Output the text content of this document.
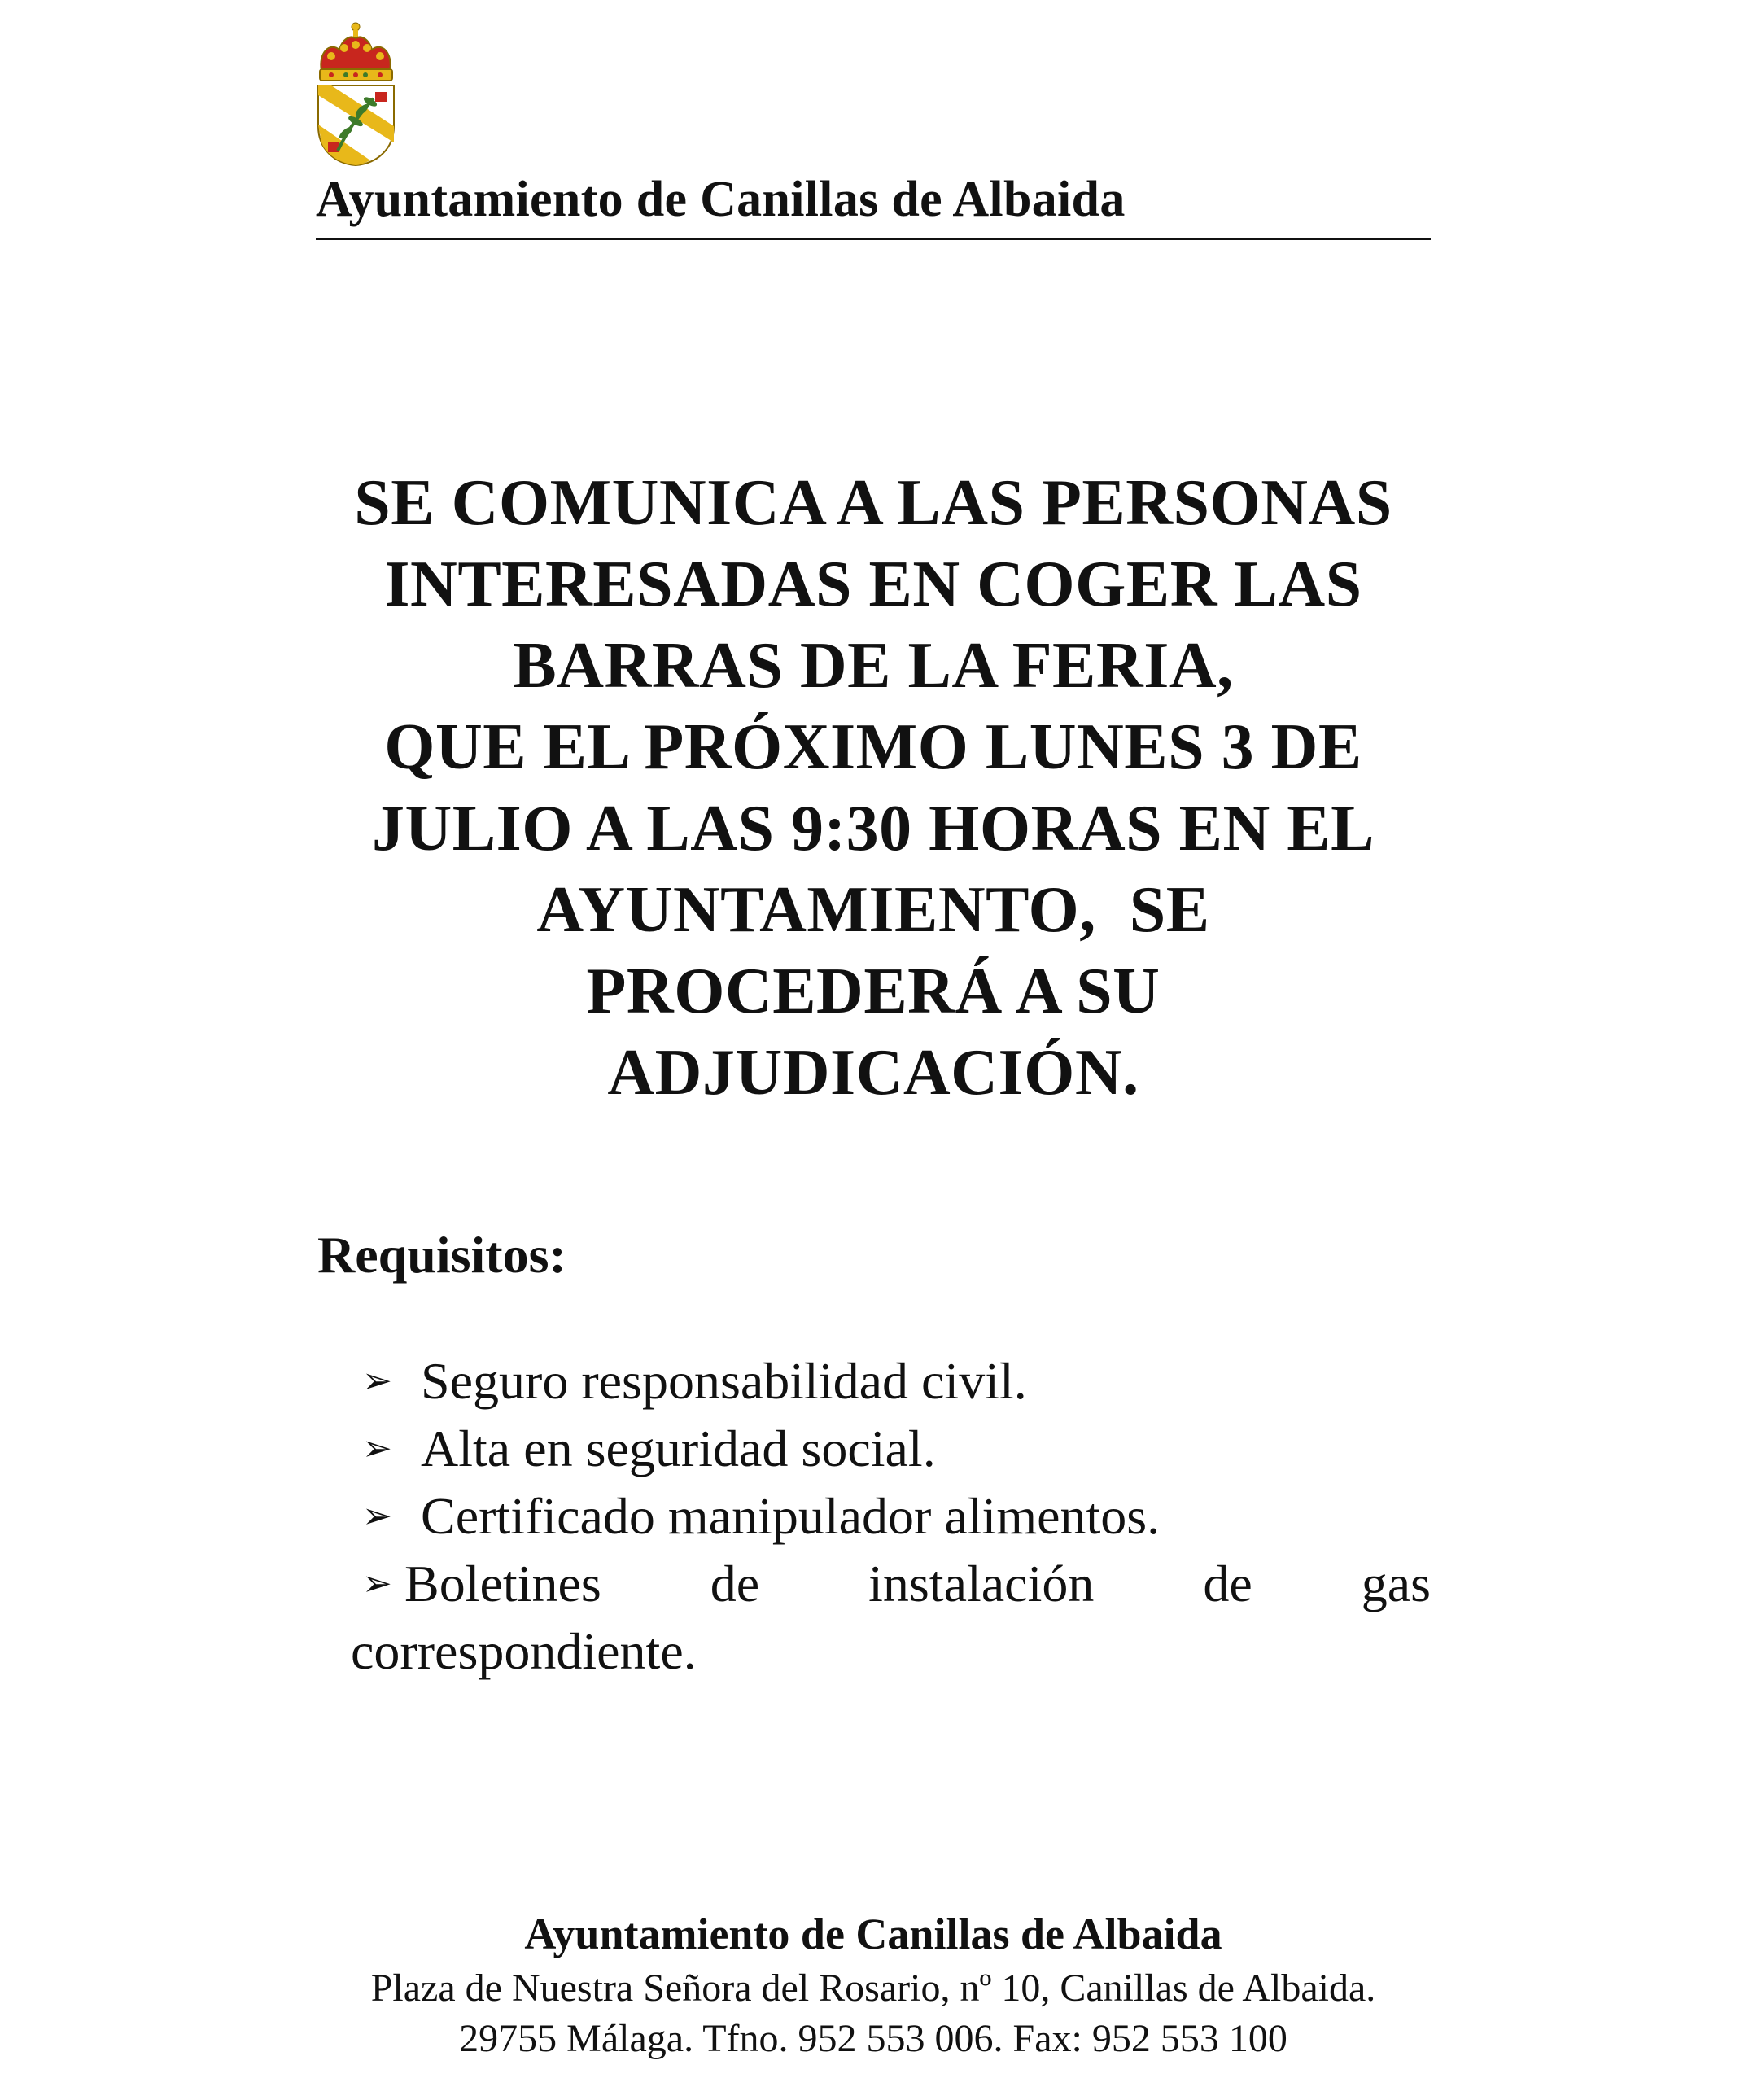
Ayuntamiento de Canillas de Albaida
SE COMUNICA A LAS PERSONAS
INTERESADAS EN COGER LAS
BARRAS DE LA FERIA,
QUE EL PRÓXIMO LUNES 3 DE
JULIO A LAS 9:30 HORAS EN EL
AYUNTAMIENTO,  SE
PROCEDERÁ A SU
ADJUDICACIÓN.
Requisitos:
➢ Seguro responsabilidad civil.
➢ Alta en seguridad social.
➢ Certificado manipulador alimentos.
➢ Boletines de instalación de gas
correspondiente.
Ayuntamiento de Canillas de Albaida
Plaza de Nuestra Señora del Rosario, nº 10, Canillas de Albaida.
29755 Málaga. Tfno. 952 553 006. Fax: 952 553 100
